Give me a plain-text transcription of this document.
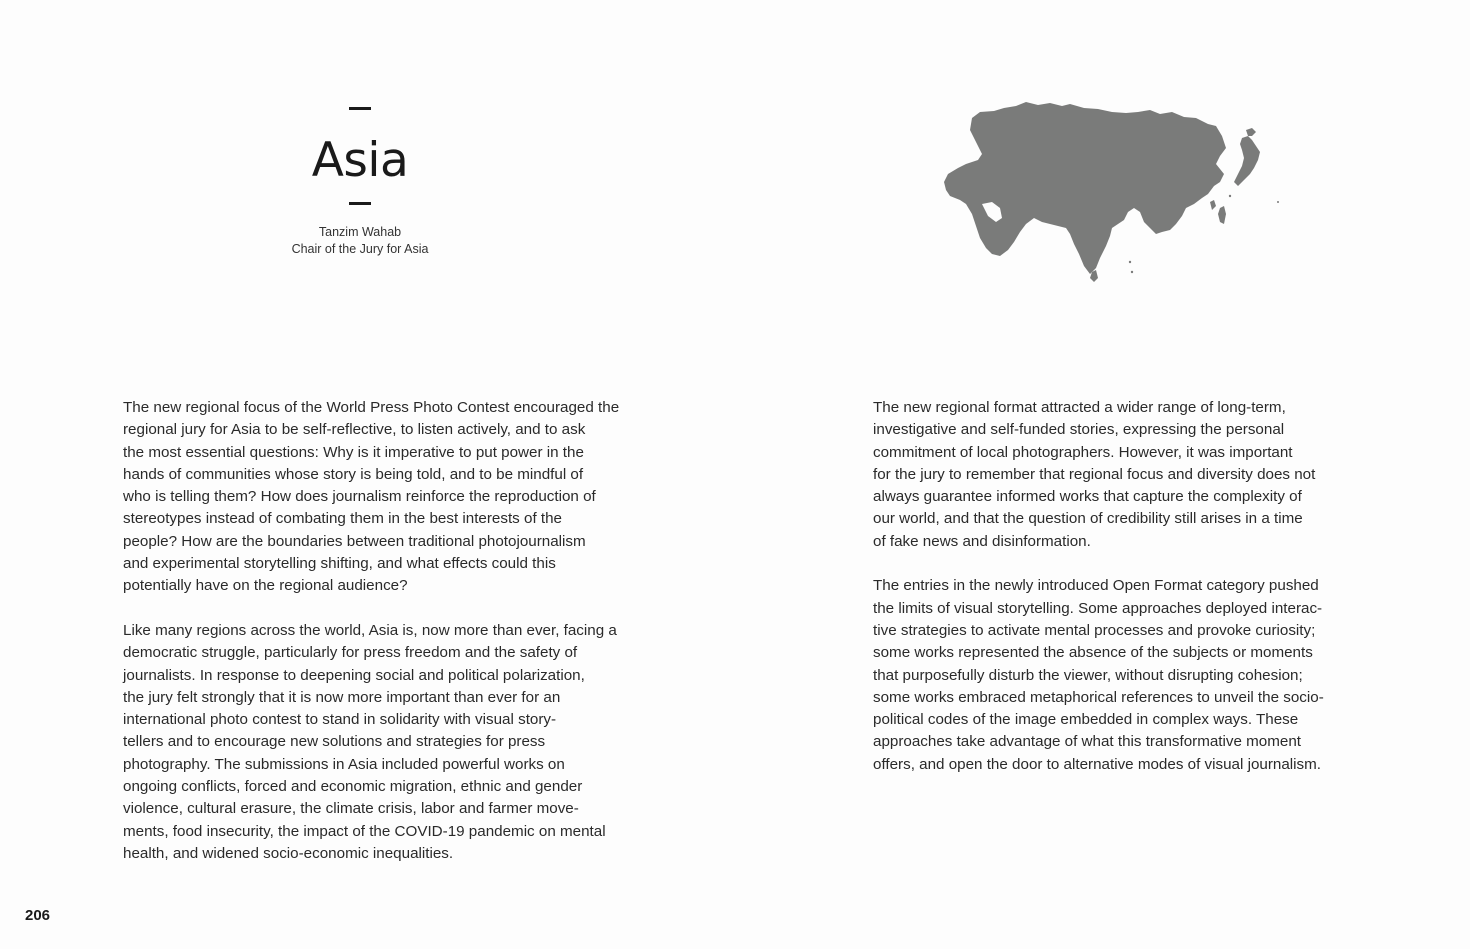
Asia
Tanzim Wahab
Chair of the Jury for Asia

The new regional focus of the World Press Photo Contest encouraged the
regional jury for Asia to be self-reflective, to listen actively, and to ask
the most essential questions: Why is it imperative to put power in the
hands of communities whose story is being told, and to be mindful of
who is telling them? How does journalism reinforce the reproduction of
stereotypes instead of combating them in the best interests of the
people? How are the boundaries between traditional photojournalism
and experimental storytelling shifting, and what effects could this
potentially have on the regional audience?

Like many regions across the world, Asia is, now more than ever, facing a
democratic struggle, particularly for press freedom and the safety of
journalists. In response to deepening social and political polarization,
the jury felt strongly that it is now more important than ever for an
international photo contest to stand in solidarity with visual story-
tellers and to encourage new solutions and strategies for press
photography. The submissions in Asia included powerful works on
ongoing conflicts, forced and economic migration, ethnic and gender
violence, cultural erasure, the climate crisis, labor and farmer move-
ments, food insecurity, the impact of the COVID-19 pandemic on mental
health, and widened socio-economic inequalities.

The new regional format attracted a wider range of long-term,
investigative and self-funded stories, expressing the personal
commitment of local photographers. However, it was important
for the jury to remember that regional focus and diversity does not
always guarantee informed works that capture the complexity of
our world, and that the question of credibility still arises in a time
of fake news and disinformation.

The entries in the newly introduced Open Format category pushed
the limits of visual storytelling. Some approaches deployed interac-
tive strategies to activate mental processes and provoke curiosity;
some works represented the absence of the subjects or moments
that purposefully disturb the viewer, without disrupting cohesion;
some works embraced metaphorical references to unveil the socio-
political codes of the image embedded in complex ways. These
approaches take advantage of what this transformative moment
offers, and open the door to alternative modes of visual journalism.

206
